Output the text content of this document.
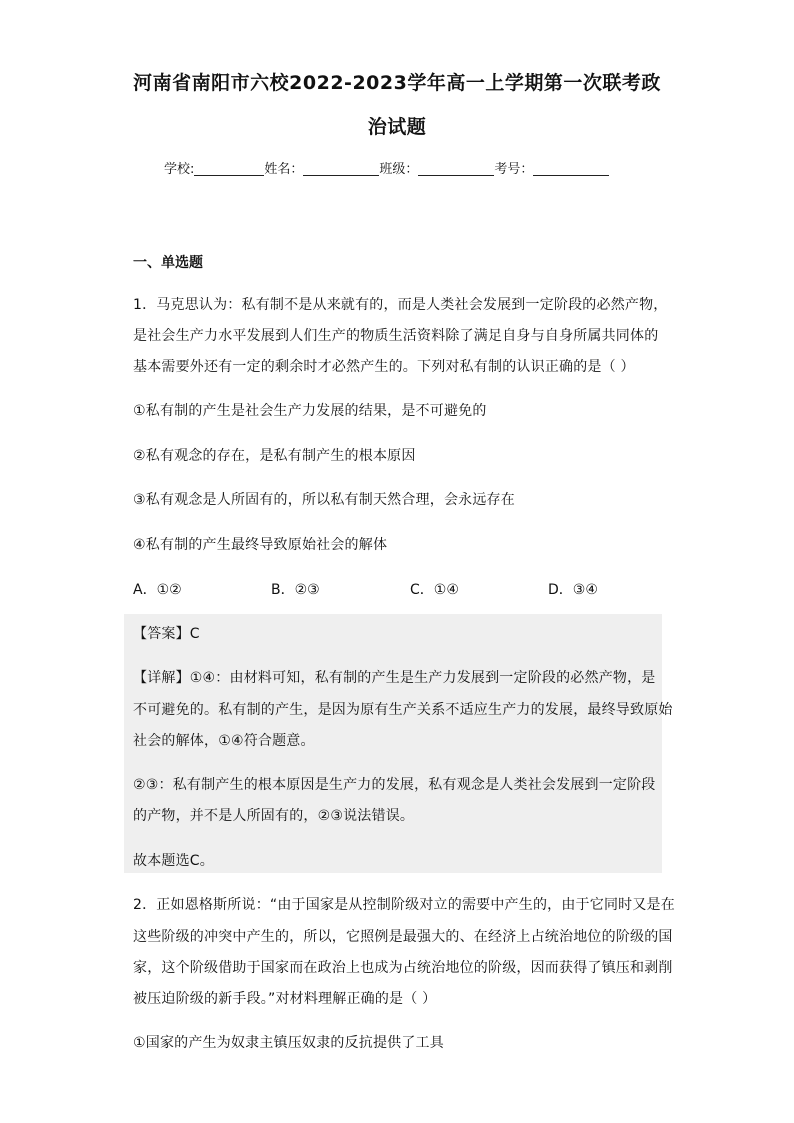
河南省南阳市六校2022-2023学年高一上学期第一次联考政
治试题
学校:	姓名：	班级：	考号：
一、单选题
1．马克思认为：私有制不是从来就有的，而是人类社会发展到一定阶段的必然产物，
是社会生产力水平发展到人们生产的物质生活资料除了满足自身与自身所属共同体的
基本需要外还有一定的剩余时才必然产生的。下列对私有制的认识正确的是（ ）
①私有制的产生是社会生产力发展的结果，是不可避免的
②私有观念的存在，是私有制产生的根本原因
③私有观念是人所固有的，所以私有制天然合理，会永远存在
④私有制的产生最终导致原始社会的解体
A．①②	B．②③	C．①④	D．③④
【答案】C
【详解】①④：由材料可知，私有制的产生是生产力发展到一定阶段的必然产物，是
不可避免的。私有制的产生，是因为原有生产关系不适应生产力的发展，最终导致原始
社会的解体，①④符合题意。
②③：私有制产生的根本原因是生产力的发展，私有观念是人类社会发展到一定阶段
的产物，并不是人所固有的，②③说法错误。
故本题选C。
2．正如恩格斯所说：“由于国家是从控制阶级对立的需要中产生的，由于它同时又是在
这些阶级的冲突中产生的，所以，它照例是最强大的、在经济上占统治地位的阶级的国
家，这个阶级借助于国家而在政治上也成为占统治地位的阶级，因而获得了镇压和剥削
被压迫阶级的新手段。”对材料理解正确的是（ ）
①国家的产生为奴隶主镇压奴隶的反抗提供了工具
